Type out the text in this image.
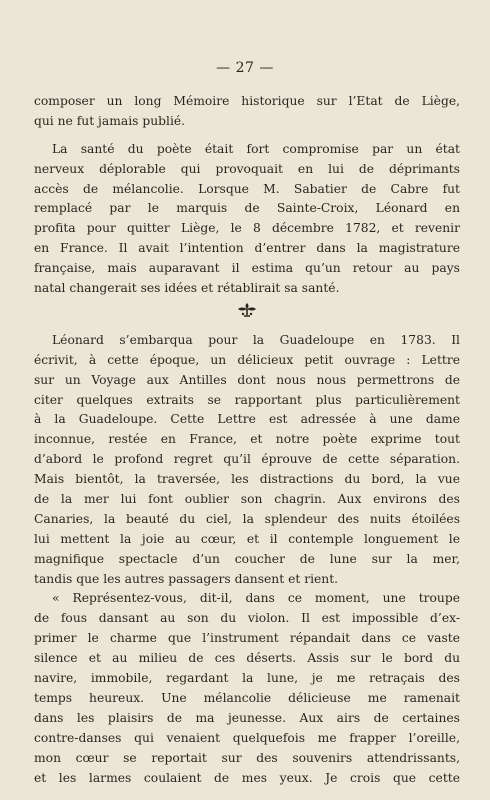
— 27 —

composer un long Mémoire historique sur l’Etat de Liège,
qui ne fut jamais publié.
La santé du poète était fort compromise par un état
nerveux déplorable qui provoquait en lui de déprimants
accès de mélancolie. Lorsque M. Sabatier de Cabre fut
remplacé par le marquis de Sainte-Croix, Léonard en
profita pour quitter Liège, le 8 décembre 1782, et revenir
en France. Il avait l’intention d’entrer dans la magistrature
française, mais auparavant il estima qu’un retour au pays
natal changerait ses idées et rétablirait sa santé.
Léonard s’embarqua pour la Guadeloupe en 1783. Il
écrivit, à cette époque, un délicieux petit ouvrage : Lettre
sur un Voyage aux Antilles dont nous nous permettrons de
citer quelques extraits se rapportant plus particulièrement
à la Guadeloupe. Cette Lettre est adressée à une dame
inconnue, restée en France, et notre poète exprime tout
d’abord le profond regret qu’il éprouve de cette séparation.
Mais bientôt, la traversée, les distractions du bord, la vue
de la mer lui font oublier son chagrin. Aux environs des
Canaries, la beauté du ciel, la splendeur des nuits étoilées
lui mettent la joie au cœur, et il contemple longuement le
magnifique spectacle d’un coucher de lune sur la mer,
tandis que les autres passagers dansent et rient.
« Représentez-vous, dit-il, dans ce moment, une troupe
de fous dansant au son du violon. Il est impossible d’ex-
primer le charme que l’instrument répandait dans ce vaste
silence et au milieu de ces déserts. Assis sur le bord du
navire, immobile, regardant la lune, je me retraçais des
temps heureux. Une mélancolie délicieuse me ramenait
dans les plaisirs de ma jeunesse. Aux airs de certaines
contre-danses qui venaient quelquefois me frapper l’oreille,
mon cœur se reportait sur des souvenirs attendrissants,
et les larmes coulaient de mes yeux. Je crois que cette
